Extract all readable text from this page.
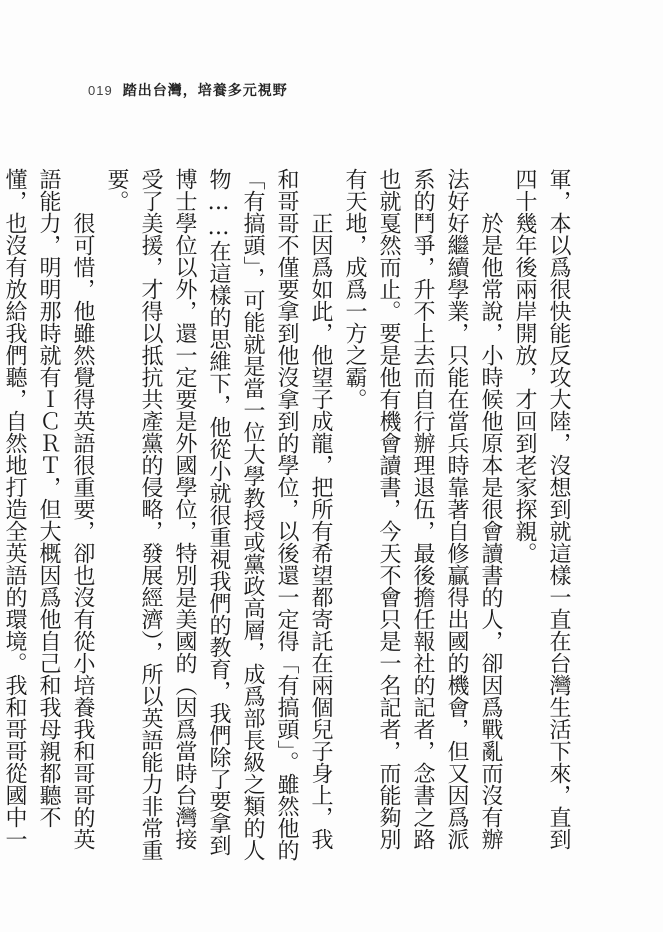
019 踏出台灣，培養多元視野

軍，本以爲很快能反攻大陸，沒想到就這樣一直在台灣生活下來，直到四十幾年後兩岸開放，才回到老家探親。

於是他常說，小時候他原本是很會讀書的人，卻因爲戰亂而沒有辦法好好繼續學業，只能在當兵時靠著自修贏得出國的機會，但又因爲派系的鬥爭，升不上去而自行辦理退伍，最後擔任報社的記者，念書之路也就戛然而止。要是他有機會讀書，今天不會只是一名記者，而能夠別有天地，成爲一方之霸。

正因爲如此，他望子成龍，把所有希望都寄託在兩個兒子身上，我和哥哥不僅要拿到他沒拿到的學位，以後還一定得「有搞頭」。雖然他的「有搞頭」，可能就是當一位大學教授或黨政高層，成爲部長級之類的人物……在這樣的思維下，他從小就很重視我們的教育，我們除了要拿到博士學位以外，還一定要是外國學位，特別是美國的（因爲當時台灣接受了美援，才得以抵抗共產黨的侵略，發展經濟），所以英語能力非常重要。

很可惜，他雖然覺得英語很重要，卻也沒有從小培養我和哥哥的英語能力，明明那時就有ＩＣＲＴ，但大概因爲他自己和我母親都聽不懂，也沒有放給我們聽，自然地打造全英語的環境。我和哥哥從國中一
